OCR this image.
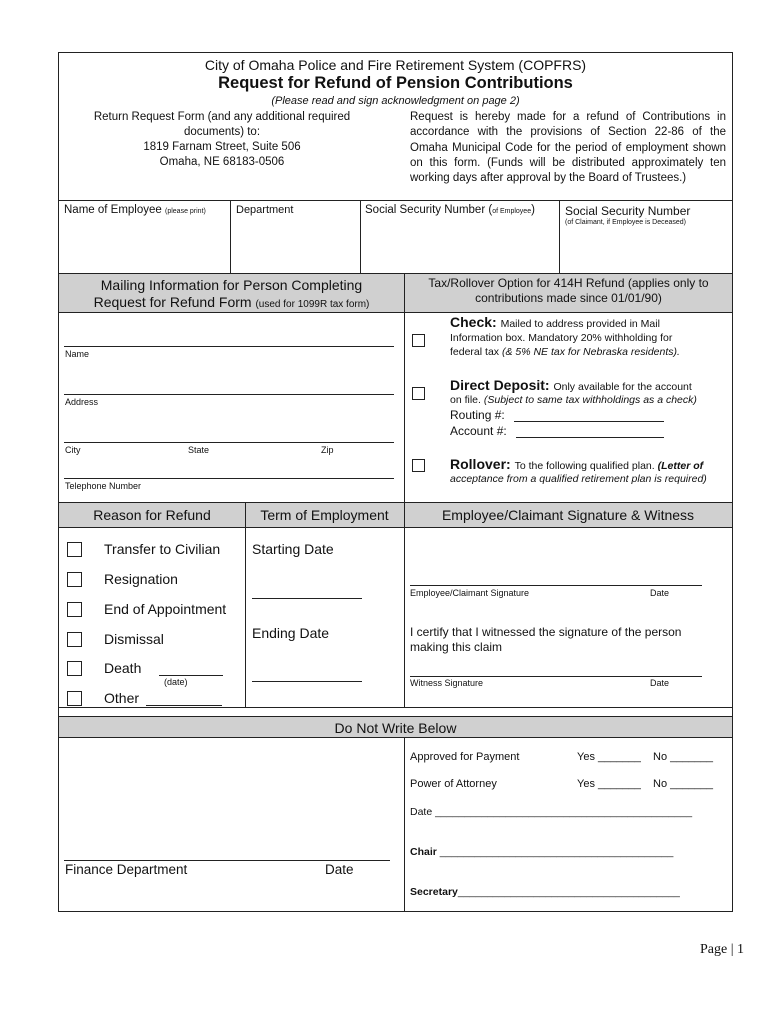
City of Omaha Police and Fire Retirement System (COPFRS)
Request for Refund of Pension Contributions
(Please read and sign acknowledgment on page 2)
Return Request Form (and any additional required
documents) to:
1819 Farnam Street, Suite 506
Omaha, NE 68183-0506
Request is hereby made for a refund of Contributions in accordance with the provisions of Section 22-86 of the Omaha Municipal Code for the period of employment shown on this form. (Funds will be distributed approximately ten working days after approval by the Board of Trustees.)
Name of Employee (please print)	Department	Social Security Number (of Employee)	Social Security Number
(of Claimant, if Employee is Deceased)
Mailing Information for Person Completing
Request for Refund Form (used for 1099R tax form)
Tax/Rollover Option for 414H Refund (applies only to
contributions made since 01/01/90)
Name
Address
City	State	Zip
Telephone Number
Check: Mailed to address provided in Mail
Information box. Mandatory 20% withholding for
federal tax (& 5% NE tax for Nebraska residents).
Direct Deposit: Only available for the account
on file. (Subject to same tax withholdings as a check)
Routing #:
Account #:
Rollover: To the following qualified plan. (Letter of
acceptance from a qualified retirement plan is required)
Reason for Refund	Term of Employment	Employee/Claimant Signature & Witness
Transfer to Civilian
Resignation
End of Appointment
Dismissal
Death
(date)
Other
Starting Date
Ending Date
Employee/Claimant Signature	Date
I certify that I witnessed the signature of the person
making this claim
Witness Signature	Date
Do Not Write Below
Finance Department	Date
Approved for Payment	Yes _______ No _______
Power of Attorney	Yes _______ No _______
Date ____________________________________________
Chair ________________________________________
Secretary______________________________________
Page | 1
